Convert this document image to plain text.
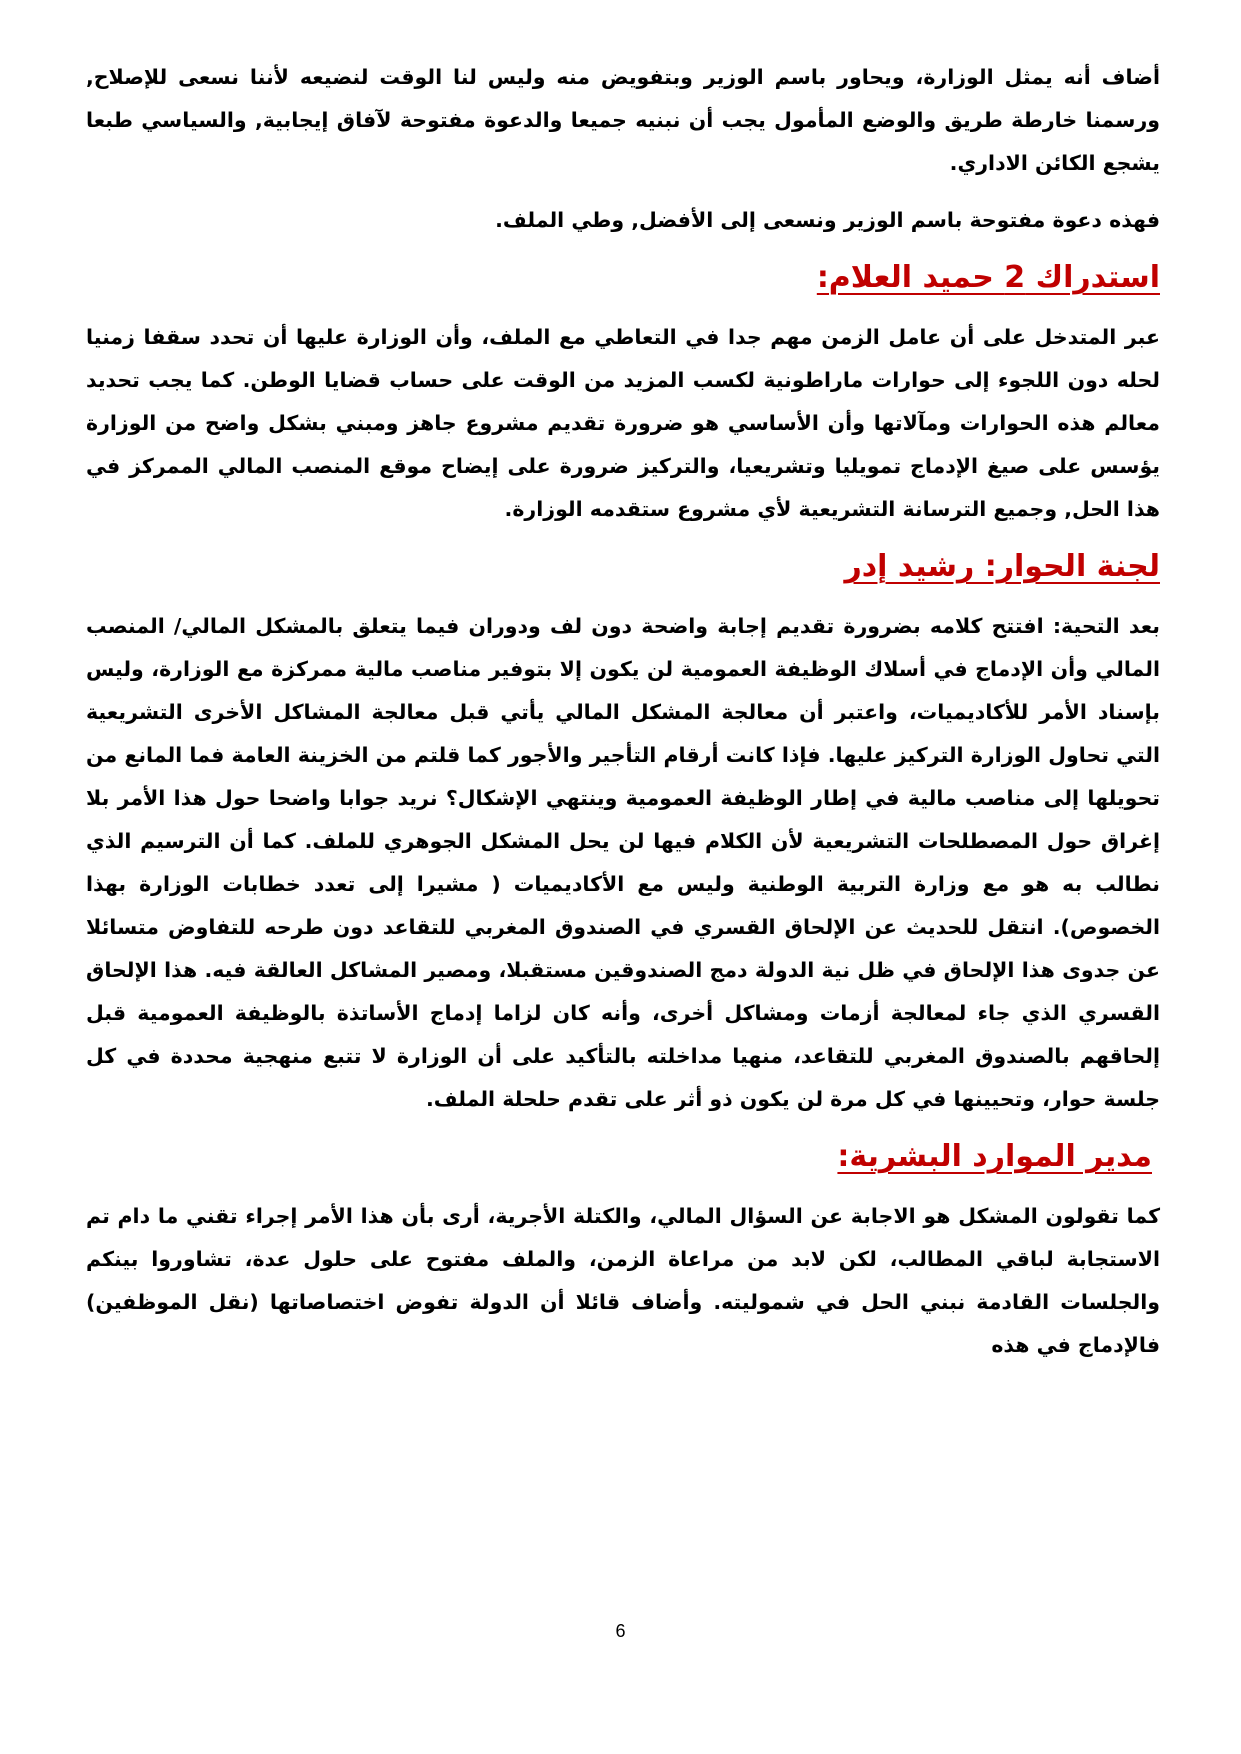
أضاف أنه يمثل الوزارة، ويحاور باسم الوزير وبتفويض منه وليس لنا الوقت لنضيعه لأننا نسعى للإصلاح, ورسمنا خارطة طريق والوضع المأمول يجب أن نبنيه جميعا والدعوة مفتوحة لآفاق إيجابية, والسياسي طبعا يشجع الكائن الاداري.

فهذه دعوة مفتوحة باسم الوزير ونسعى إلى الأفضل, وطي الملف.

استدراك 2 حميد العلام:

عبر المتدخل على أن عامل الزمن مهم جدا في التعاطي مع الملف، وأن الوزارة عليها أن تحدد سقفا زمنيا لحله دون اللجوء إلى حوارات ماراطونية لكسب المزيد من الوقت على حساب قضايا الوطن. كما يجب تحديد معالم هذه الحوارات ومآلاتها وأن الأساسي هو ضرورة تقديم مشروع جاهز ومبني بشكل واضح من الوزارة يؤسس على صيغ الإدماج تمويليا وتشريعيا، والتركيز ضرورة على إيضاح موقع المنصب المالي الممركز في هذا الحل, وجميع الترسانة التشريعية لأي مشروع ستقدمه الوزارة.

لجنة الحوار: رشيد إدر

بعد التحية: افتتح كلامه بضرورة تقديم إجابة واضحة دون لف ودوران فيما يتعلق بالمشكل المالي/ المنصب المالي وأن الإدماج في أسلاك الوظيفة العمومية لن يكون إلا بتوفير مناصب مالية ممركزة مع الوزارة، وليس بإسناد الأمر للأكاديميات، واعتبر أن معالجة المشكل المالي يأتي قبل معالجة المشاكل الأخرى التشريعية التي تحاول الوزارة التركيز عليها. فإذا كانت أرقام التأجير والأجور كما قلتم من الخزينة العامة فما المانع من تحويلها إلى مناصب مالية في إطار الوظيفة العمومية وينتهي الإشكال؟ نريد جوابا واضحا حول هذا الأمر بلا إغراق حول المصطلحات التشريعية لأن الكلام فيها لن يحل المشكل الجوهري للملف. كما أن الترسيم الذي نطالب به هو مع وزارة التربية الوطنية وليس مع الأكاديميات ( مشيرا إلى تعدد خطابات الوزارة بهذا الخصوص). انتقل للحديث عن الإلحاق القسري في الصندوق المغربي للتقاعد دون طرحه للتفاوض متسائلا عن جدوى هذا الإلحاق في ظل نية الدولة دمج الصندوقين مستقبلا، ومصير المشاكل العالقة فيه. هذا الإلحاق القسري الذي جاء لمعالجة أزمات ومشاكل أخرى، وأنه كان لزاما إدماج الأساتذة بالوظيفة العمومية قبل إلحاقهم بالصندوق المغربي للتقاعد، منهيا مداخلته بالتأكيد على أن الوزارة لا تتبع منهجية محددة في كل جلسة حوار، وتحيينها في كل مرة لن يكون ذو أثر على تقدم حلحلة الملف.

مدير الموارد البشرية:

كما تقولون المشكل هو الاجابة عن السؤال المالي، والكتلة الأجرية، أرى بأن هذا الأمر إجراء تقني ما دام تم الاستجابة لباقي المطالب، لكن لابد من مراعاة الزمن، والملف مفتوح على حلول عدة، تشاوروا بينكم والجلسات القادمة نبني الحل في شموليته. وأضاف قائلا أن الدولة تفوض اختصاصاتها (نقل الموظفين) فالإدماج في هذه

6
